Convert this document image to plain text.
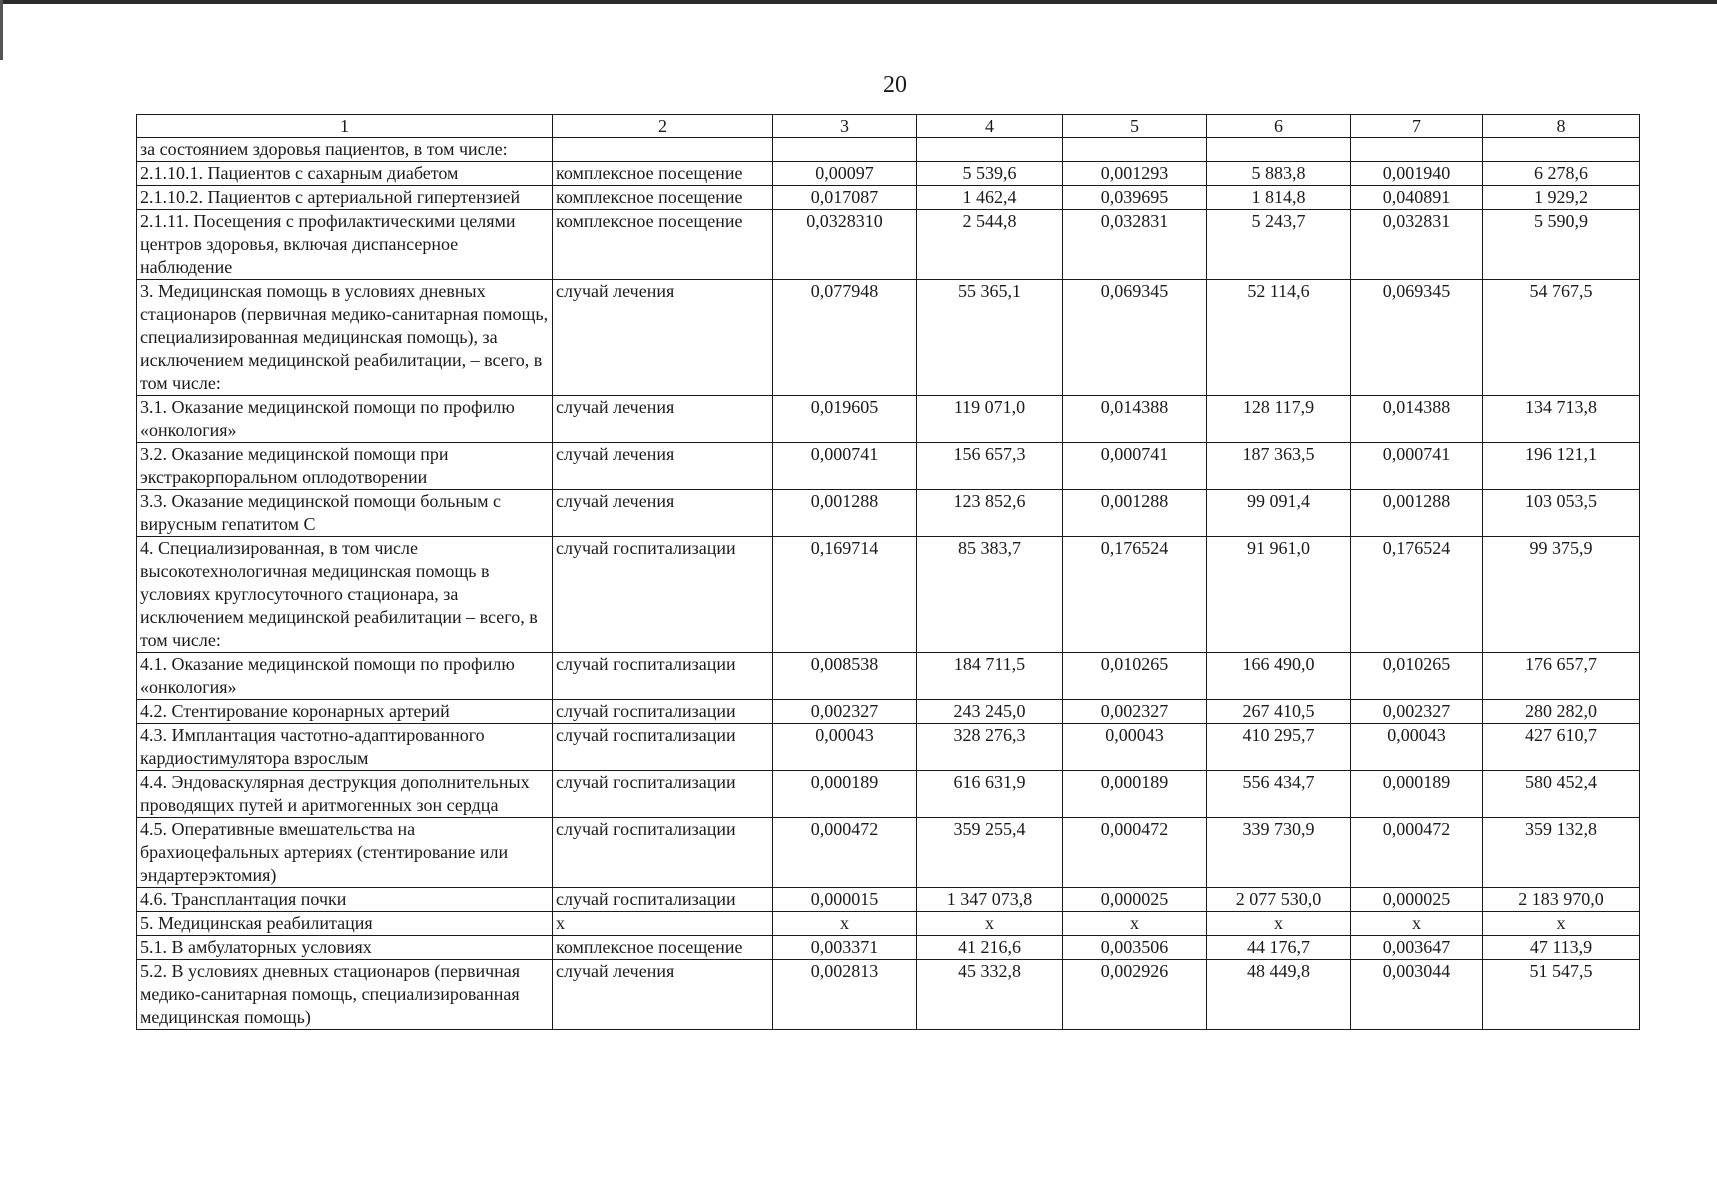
20
1	2	3	4	5	6	7	8
за состоянием здоровья пациентов, в том числе:							
2.1.10.1. Пациентов с сахарным диабетом	комплексное посещение	0,00097	5 539,6	0,001293	5 883,8	0,001940	6 278,6
2.1.10.2. Пациентов с артериальной гипертензией	комплексное посещение	0,017087	1 462,4	0,039695	1 814,8	0,040891	1 929,2
2.1.11. Посещения с профилактическими целями центров здоровья, включая диспансерное наблюдение	комплексное посещение	0,0328310	2 544,8	0,032831	5 243,7	0,032831	5 590,9
3. Медицинская помощь в условиях дневных стационаров (первичная медико-санитарная помощь, специализированная медицинская помощь), за исключением медицинской реабилитации, – всего, в том числе:	случай лечения	0,077948	55 365,1	0,069345	52 114,6	0,069345	54 767,5
3.1. Оказание медицинской помощи по профилю «онкология»	случай лечения	0,019605	119 071,0	0,014388	128 117,9	0,014388	134 713,8
3.2. Оказание медицинской помощи при экстракорпоральном оплодотворении	случай лечения	0,000741	156 657,3	0,000741	187 363,5	0,000741	196 121,1
3.3. Оказание медицинской помощи больным с вирусным гепатитом С	случай лечения	0,001288	123 852,6	0,001288	99 091,4	0,001288	103 053,5
4. Специализированная, в том числе высокотехнологичная медицинская помощь в условиях круглосуточного стационара, за исключением медицинской реабилитации – всего, в том числе:	случай госпитализации	0,169714	85 383,7	0,176524	91 961,0	0,176524	99 375,9
4.1. Оказание медицинской помощи по профилю «онкология»	случай госпитализации	0,008538	184 711,5	0,010265	166 490,0	0,010265	176 657,7
4.2. Стентирование коронарных артерий	случай госпитализации	0,002327	243 245,0	0,002327	267 410,5	0,002327	280 282,0
4.3. Имплантация частотно-адаптированного кардиостимулятора взрослым	случай госпитализации	0,00043	328 276,3	0,00043	410 295,7	0,00043	427 610,7
4.4. Эндоваскулярная деструкция дополнительных проводящих путей и аритмогенных зон сердца	случай госпитализации	0,000189	616 631,9	0,000189	556 434,7	0,000189	580 452,4
4.5. Оперативные вмешательства на брахиоцефальных артериях (стентирование или эндартерэктомия)	случай госпитализации	0,000472	359 255,4	0,000472	339 730,9	0,000472	359 132,8
4.6. Трансплантация почки	случай госпитализации	0,000015	1 347 073,8	0,000025	2 077 530,0	0,000025	2 183 970,0
5. Медицинская реабилитация	х	х	х	х	х	х	х
5.1. В амбулаторных условиях	комплексное посещение	0,003371	41 216,6	0,003506	44 176,7	0,003647	47 113,9
5.2. В условиях дневных стационаров (первичная медико-санитарная помощь, специализированная медицинская помощь)	случай лечения	0,002813	45 332,8	0,002926	48 449,8	0,003044	51 547,5
